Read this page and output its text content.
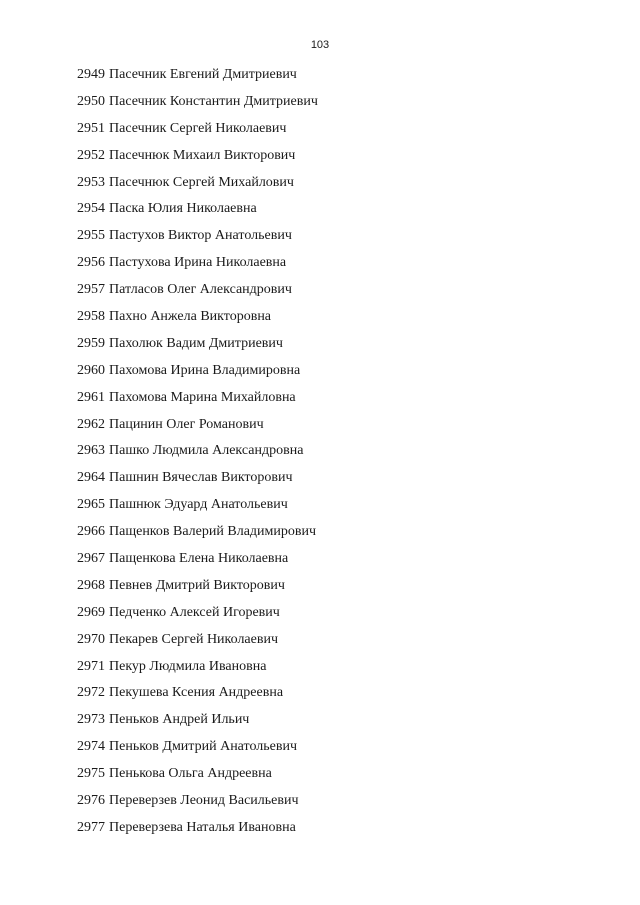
103
2949 Пасечник Евгений Дмитриевич
2950 Пасечник Константин Дмитриевич
2951 Пасечник Сергей Николаевич
2952 Пасечнюк Михаил Викторович
2953 Пасечнюк Сергей Михайлович
2954 Паска Юлия Николаевна
2955 Пастухов Виктор Анатольевич
2956 Пастухова Ирина Николаевна
2957 Патласов Олег Александрович
2958 Пахно Анжела Викторовна
2959 Пахолюк Вадим Дмитриевич
2960 Пахомова Ирина Владимировна
2961 Пахомова Марина Михайловна
2962 Пацинин Олег Романович
2963 Пашко Людмила Александровна
2964 Пашнин Вячеслав Викторович
2965 Пашнюк Эдуард Анатольевич
2966 Пащенков Валерий Владимирович
2967 Пащенкова Елена Николаевна
2968 Певнев Дмитрий Викторович
2969 Педченко Алексей Игоревич
2970 Пекарев Сергей Николаевич
2971 Пекур Людмила Ивановна
2972 Пекушева Ксения Андреевна
2973 Пеньков Андрей Ильич
2974 Пеньков Дмитрий Анатольевич
2975 Пенькова Ольга Андреевна
2976 Переверзев Леонид Васильевич
2977 Переверзева Наталья Ивановна
